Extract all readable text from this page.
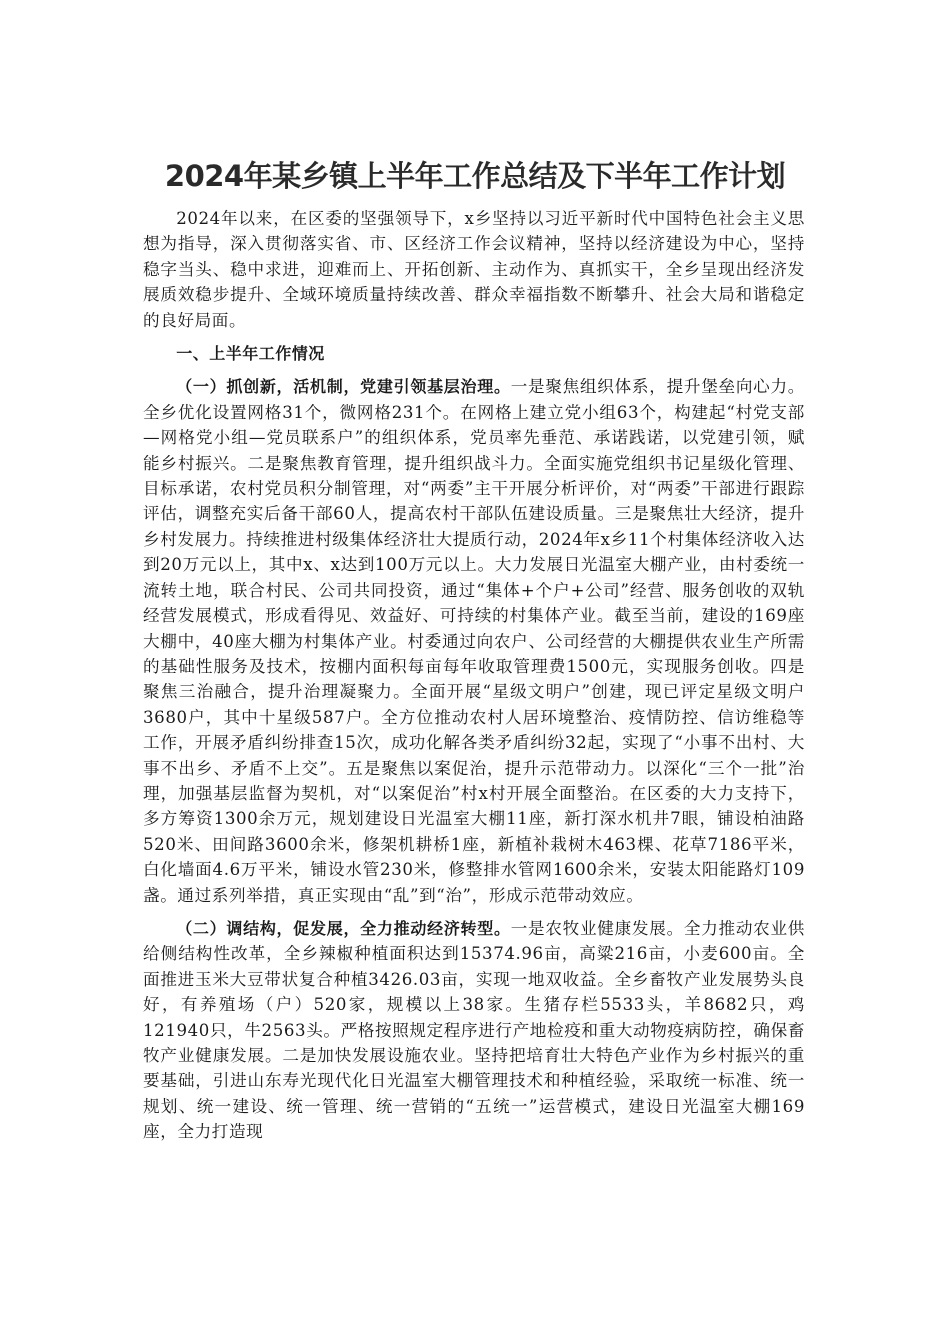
2024年某乡镇上半年工作总结及下半年工作计划

2024年以来，在区委的坚强领导下，x乡坚持以习近平新时代中国特色社会主义思想为指导，深入贯彻落实省、市、区经济工作会议精神，坚持以经济建设为中心，坚持稳字当头、稳中求进，迎难而上、开拓创新、主动作为、真抓实干，全乡呈现出经济发展质效稳步提升、全域环境质量持续改善、群众幸福指数不断攀升、社会大局和谐稳定的良好局面。

一、上半年工作情况

（一）抓创新，活机制，党建引领基层治理。一是聚焦组织体系，提升堡垒向心力。全乡优化设置网格31个，微网格231个。在网格上建立党小组63个，构建起“村党支部—网格党小组—党员联系户”的组织体系，党员率先垂范、承诺践诺，以党建引领，赋能乡村振兴。二是聚焦教育管理，提升组织战斗力。全面实施党组织书记星级化管理、目标承诺，农村党员积分制管理，对“两委”主干开展分析评价，对“两委”干部进行跟踪评估，调整充实后备干部60人，提高农村干部队伍建设质量。三是聚焦壮大经济，提升乡村发展力。持续推进村级集体经济壮大提质行动，2024年x乡11个村集体经济收入达到20万元以上，其中x、x达到100万元以上。大力发展日光温室大棚产业，由村委统一流转土地，联合村民、公司共同投资，通过“集体+个户+公司”经营、服务创收的双轨经营发展模式，形成看得见、效益好、可持续的村集体产业。截至当前，建设的169座大棚中，40座大棚为村集体产业。村委通过向农户、公司经营的大棚提供农业生产所需的基础性服务及技术，按棚内面积每亩每年收取管理费1500元，实现服务创收。四是聚焦三治融合，提升治理凝聚力。全面开展“星级文明户”创建，现已评定星级文明户3680户，其中十星级587户。全方位推动农村人居环境整治、疫情防控、信访维稳等工作，开展矛盾纠纷排查15次，成功化解各类矛盾纠纷32起，实现了“小事不出村、大事不出乡、矛盾不上交”。五是聚焦以案促治，提升示范带动力。以深化“三个一批”治理，加强基层监督为契机，对“以案促治”村x村开展全面整治。在区委的大力支持下，多方筹资1300余万元，规划建设日光温室大棚11座，新打深水机井7眼，铺设柏油路520米、田间路3600余米，修架机耕桥1座，新植补栽树木463棵、花草7186平米，白化墙面4.6万平米，铺设水管230米，修整排水管网1600余米，安装太阳能路灯109盏。通过系列举措，真正实现由“乱”到“治”，形成示范带动效应。

（二）调结构，促发展，全力推动经济转型。一是农牧业健康发展。全力推动农业供给侧结构性改革，全乡辣椒种植面积达到15374.96亩，高粱216亩，小麦600亩。全面推进玉米大豆带状复合种植3426.03亩，实现一地双收益。全乡畜牧产业发展势头良好，有养殖场（户）520家，规模以上38家。生猪存栏5533头，羊8682只，鸡121940只，牛2563头。严格按照规定程序进行产地检疫和重大动物疫病防控，确保畜牧产业健康发展。二是加快发展设施农业。坚持把培育壮大特色产业作为乡村振兴的重要基础，引进山东寿光现代化日光温室大棚管理技术和种植经验，采取统一标准、统一规划、统一建设、统一管理、统一营销的“五统一”运营模式，建设日光温室大棚169座，全力打造现
